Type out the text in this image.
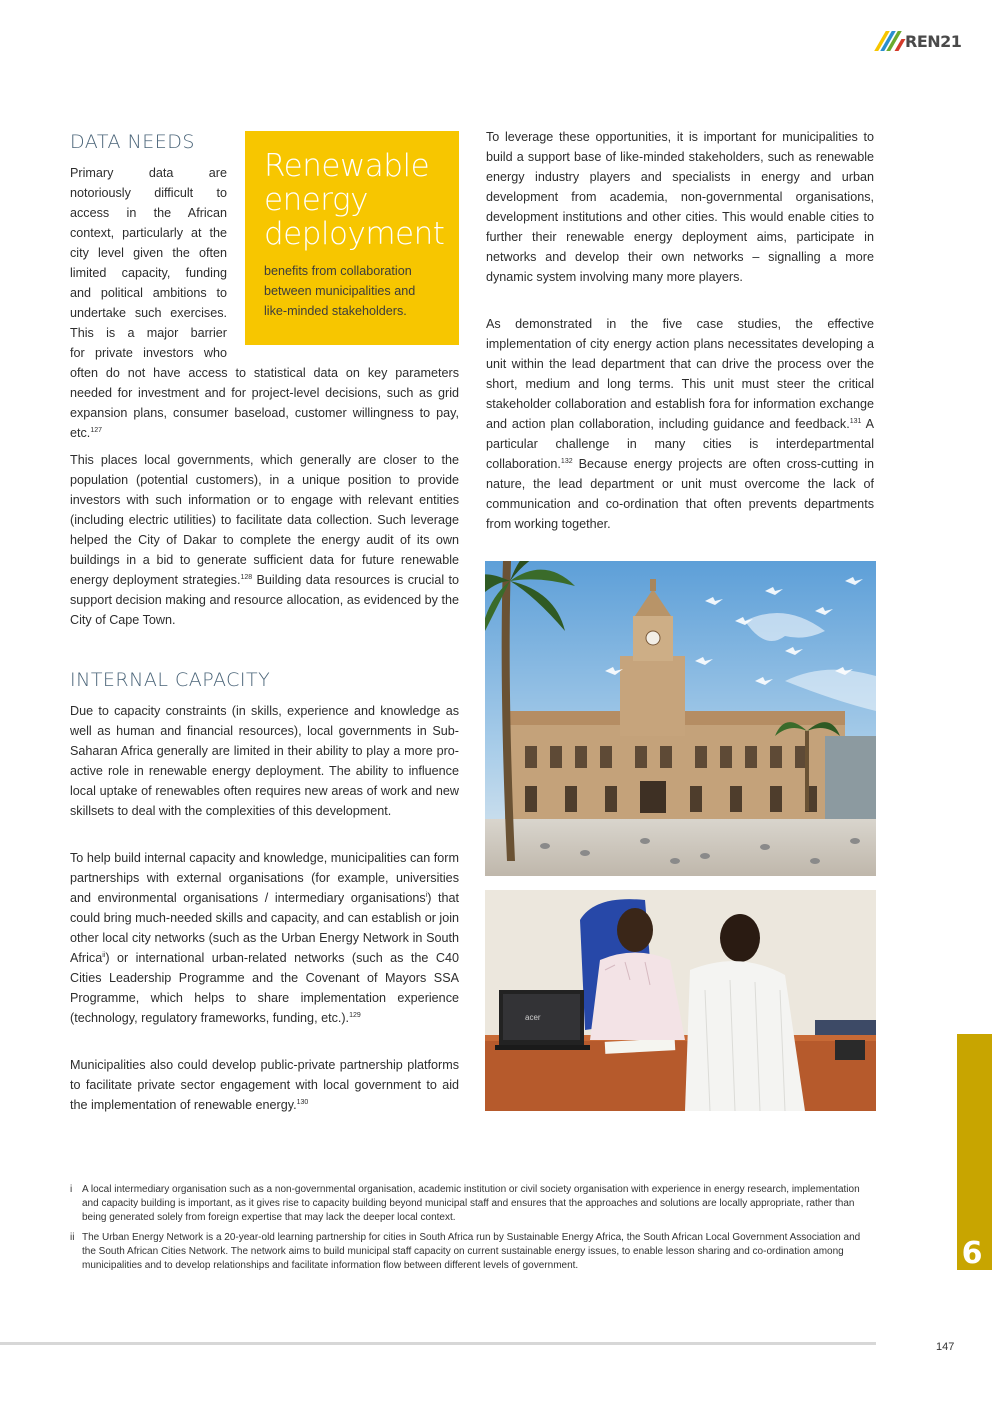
REN21
DATA NEEDS
Primary data are
notoriously difficult to
access in the African
context, particularly at the
city level given the often
limited capacity, funding
and political ambitions to
undertake such exercises.
This is a major barrier
for private investors who

often do not have access to statistical data on key parameters needed for investment and for project-level decisions, such as grid expansion plans, consumer baseload, customer willingness to pay, etc.$^{127}$

This places local governments, which generally are closer to the population (potential customers), in a unique position to provide investors with such information or to engage with relevant entities (including electric utilities) to facilitate data collection. Such leverage helped the City of Dakar to complete the energy audit of its own buildings in a bid to generate sufficient data for future renewable energy deployment strategies.$^{128}$ Building data resources is crucial to support decision making and resource allocation, as evidenced by the City of Cape Town.

Renewable energy deployment
benefits from collaboration between municipalities and like-minded stakeholders.
INTERNAL CAPACITY

Due to capacity constraints (in skills, experience and knowledge as well as human and financial resources), local governments in Sub-Saharan Africa generally are limited in their ability to play a more pro-active role in renewable energy deployment. The ability to influence local uptake of renewables often requires new areas of work and new skillsets to deal with the complexities of this development.

To help build internal capacity and knowledge, municipalities can form partnerships with external organisations (for example, universities and environmental organisations / intermediary organisations$^i$) that could bring much-needed skills and capacity, and can establish or join other local city networks (such as the Urban Energy Network in South Africa$^{ii}$) or international urban-related networks (such as the C40 Cities Leadership Programme and the Covenant of Mayors SSA Programme, which helps to share implementation experience (technology, regulatory frameworks, funding, etc.).$^{129}$

Municipalities also could develop public-private partnership platforms to facilitate private sector engagement with local government to aid the implementation of renewable energy.$^{130}$

To leverage these opportunities, it is important for municipalities to build a support base of like-minded stakeholders, such as renewable energy industry players and specialists in energy and urban development from academia, non-governmental organisations, development institutions and other cities. This would enable cities to further their renewable energy deployment aims, participate in networks and develop their own networks – signalling a more dynamic system involving many more players.

As demonstrated in the five case studies, the effective implementation of city energy action plans necessitates developing a unit within the lead department that can drive the process over the short, medium and long terms. This unit must steer the critical stakeholder collaboration and establish fora for information exchange and action plan collaboration, including guidance and feedback.$^{131}$ A particular challenge in many cities is interdepartmental collaboration.$^{132}$ Because energy projects are often cross-cutting in nature, the lead department or unit must overcome the lack of communication and co-ordination that often prevents departments from working together.

acer
i A local intermediary organisation such as a non-governmental organisation, academic institution or civil society organisation with experience in energy research, implementation and capacity building is important, as it gives rise to capacity building beyond municipal staff and ensures that the approaches and solutions are locally appropriate, rather than being generated solely from foreign expertise that may lack the deeper local context.
ii The Urban Energy Network is a 20-year-old learning partnership for cities in South Africa run by Sustainable Energy Africa, the South African Local Government Association and the South African Cities Network. The network aims to build municipal staff capacity on current sustainable energy issues, to enable lesson sharing and co-ordination among municipalities and to develop relationships and facilitate information flow between different levels of government.	6
147
